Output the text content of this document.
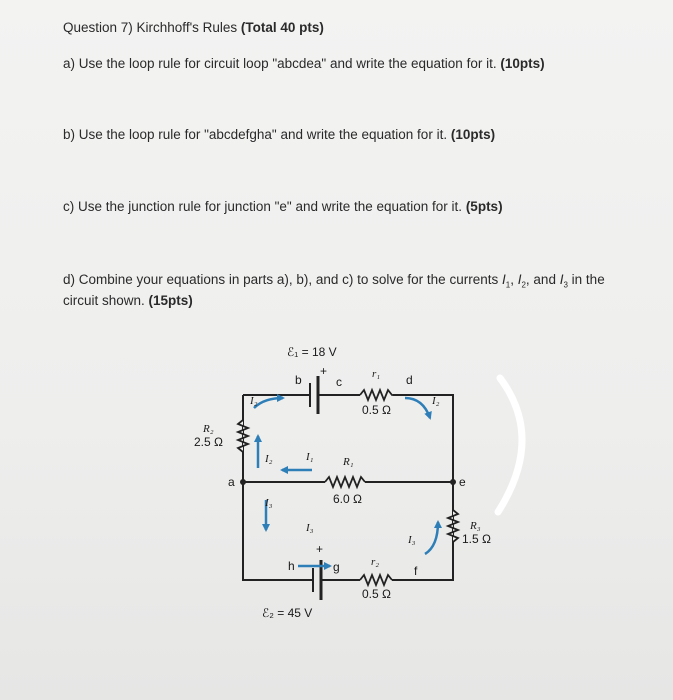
Question 7) Kirchhoff's Rules (Total 40 pts)
a) Use the loop rule for circuit loop "abcdea" and write the equation for it. (10pts)
b) Use the loop rule for "abcdefgha" and write the equation for it. (10pts)
c) Use the junction rule for junction "e" and write the equation for it. (5pts)
d) Combine your equations in parts a), b), and c) to solve for the currents $I_1$, $I_2$, and $I_3$ in the
circuit shown. (15pts)
ℰ₁ = 18 V
+
b	c
r₁ d
0.5 Ω
I₂	I₂
R₂
2.5 Ω
I₂	I₁	R₁
6.0 Ω
a	e
I₃
I₃
I₃
R₃
1.5 Ω
+
h	g	r₂
f
0.5 Ω
ℰ₂ = 45 V
